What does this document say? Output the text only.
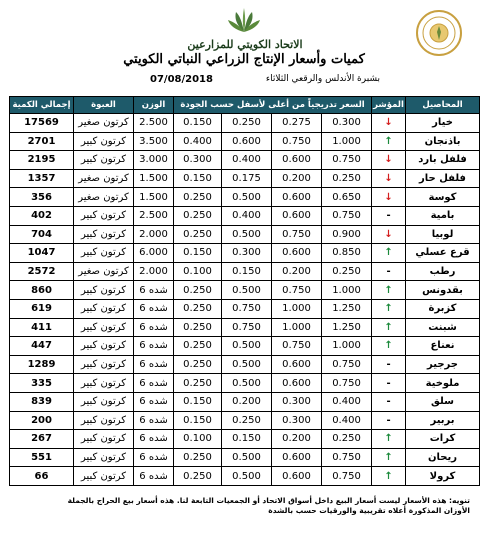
الاتحاد الكويتي للمزارعين
كميات وأسعار الإنتاج الزراعي النباتي الكويتي
07/08/2018	بشبرة الأندلس والرقعي الثلاثاء
إجمالي الكمية	العبوة	الوزن	السعر تدريجياً من أعلى لأسفل حسب الجودة				المؤشر	المحاصيل
17569	كرتون صغير	2.500	0.150	0.250	0.275	0.300	↓	خيار
2701	كرتون كبير	3.500	0.400	0.600	0.750	1.000	↑	باذنجان
2195	كرتون كبير	3.000	0.300	0.400	0.600	0.750	↓	فلفل بارد
1357	كرتون صغير	1.500	0.150	0.175	0.200	0.250	↓	فلفل حار
356	كرتون صغير	1.500	0.250	0.500	0.600	0.650	↓	كوسة
402	كرتون كبير	2.500	0.250	0.400	0.600	0.750	-	بامية
704	كرتون كبير	2.000	0.250	0.500	0.750	0.900	↓	لوبيا
1047	كرتون كبير	6.000	0.150	0.300	0.600	0.850	↑	قرع عسلي
2572	كرتون صغير	2.000	0.100	0.150	0.200	0.250	-	رطب
860	كرتون كبير	6 شده	0.250	0.500	0.750	1.000	↑	بقدونس
619	كرتون كبير	6 شده	0.250	0.750	1.000	1.250	↑	كزبرة
411	كرتون كبير	6 شده	0.250	0.750	1.000	1.250	↑	شبنت
447	كرتون كبير	6 شده	0.250	0.500	0.750	1.000	↑	نعناع
1289	كرتون كبير	6 شده	0.250	0.500	0.600	0.750	-	جرجير
335	كرتون كبير	6 شده	0.250	0.500	0.600	0.750	-	ملوخية
839	كرتون كبير	6 شده	0.150	0.200	0.300	0.400	-	سلق
200	كرتون كبير	6 شده	0.150	0.250	0.300	0.400	-	بربير
267	كرتون كبير	6 شده	0.100	0.150	0.200	0.250	↑	كرات
551	كرتون كبير	6 شده	0.250	0.500	0.600	0.750	↑	ريحان
66	كرتون كبير	6 شده	0.250	0.500	0.600	0.750	↑	كرولا
تنويه: هذه الأسعار ليست أسعار البيع داخل أسواق الاتحاد أو الجمعيات التابعة لنا. هذه أسعار بيع الحراج بالجملة
الأوزان المذكورة أعلاه تقريبية والورقيات حسب بالشدة
